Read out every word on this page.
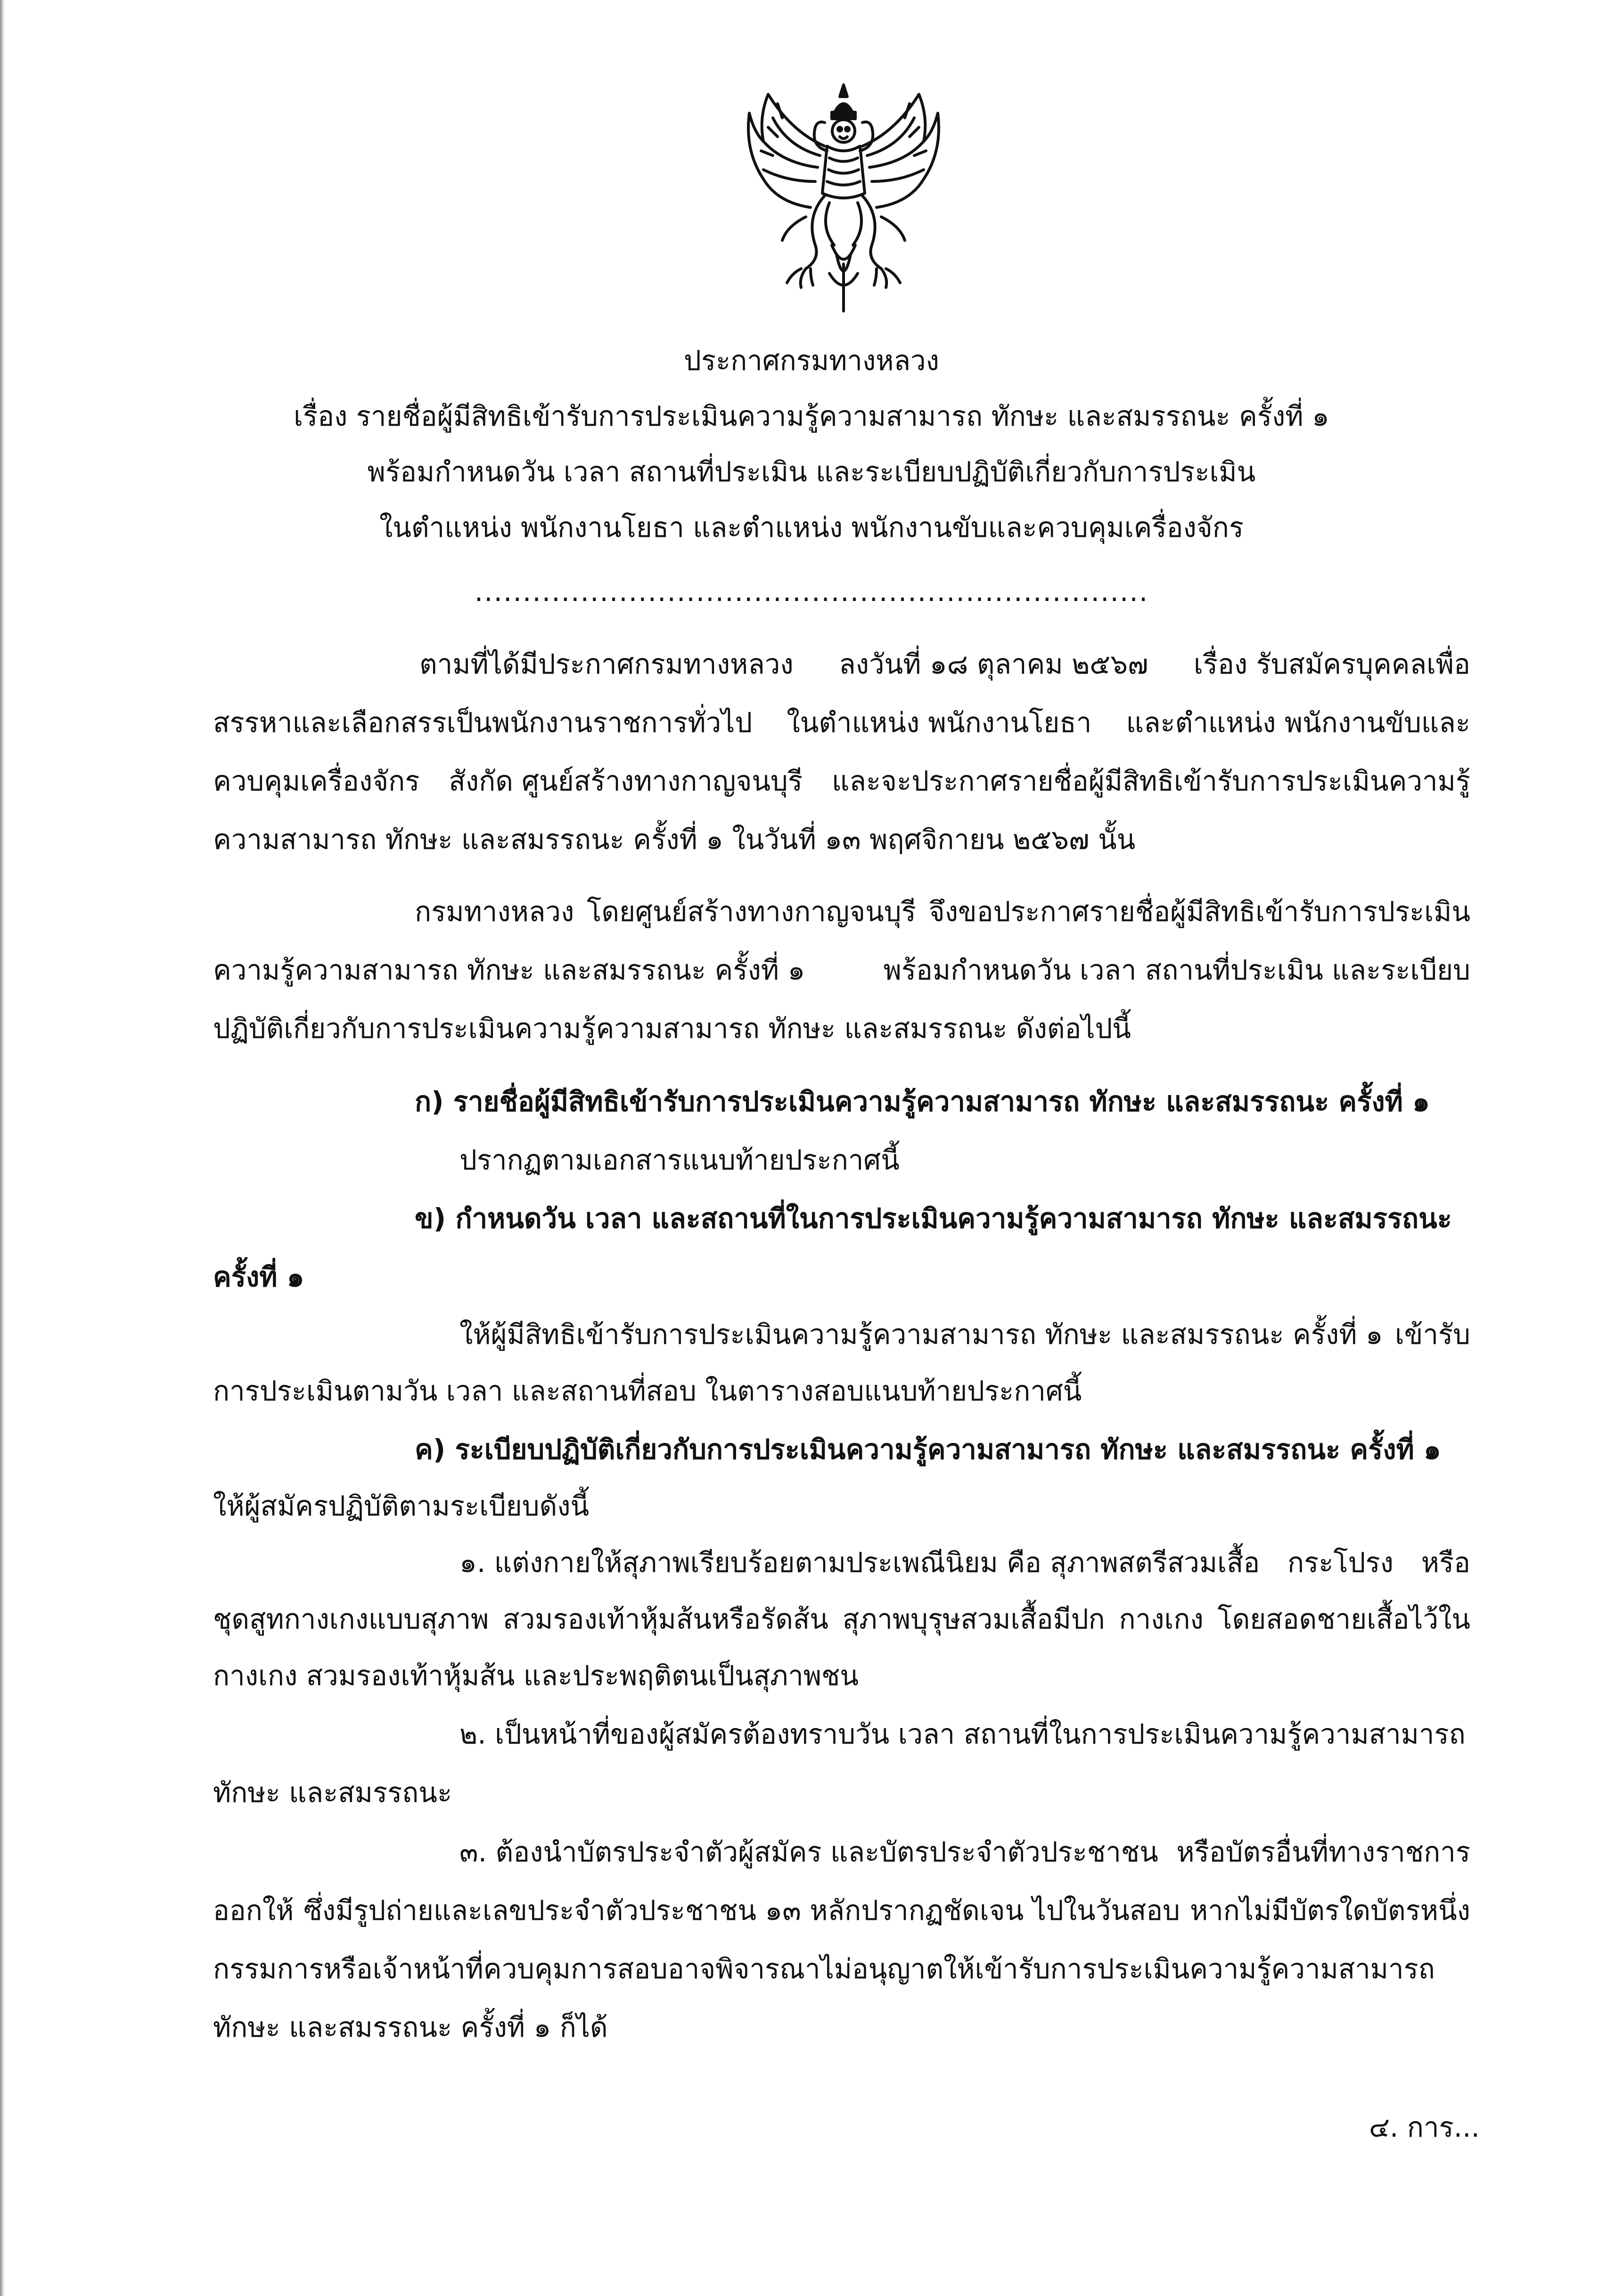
ประกาศกรมทางหลวง
เรื่อง รายชื่อผู้มีสิทธิเข้ารับการประเมินความรู้ความสามารถ ทักษะ และสมรรถนะ ครั้งที่ ๑
พร้อมกำหนดวัน เวลา สถานที่ประเมิน และระเบียบปฏิบัติเกี่ยวกับการประเมิน
ในตำแหน่ง พนักงานโยธา และตำแหน่ง พนักงานขับและควบคุมเครื่องจักร
......................................................................
ตามที่ได้มีประกาศกรมทางหลวง ลงวันที่ ๑๘ ตุลาคม ๒๕๖๗ เรื่อง รับสมัครบุคคลเพื่อ
สรรหาและเลือกสรรเป็นพนักงานราชการทั่วไป ในตำแหน่ง พนักงานโยธา และตำแหน่ง พนักงานขับและ
ควบคุมเครื่องจักร สังกัด ศูนย์สร้างทางกาญจนบุรี และจะประกาศรายชื่อผู้มีสิทธิเข้ารับการประเมินความรู้
ความสามารถ ทักษะ และสมรรถนะ ครั้งที่ ๑ ในวันที่ ๑๓ พฤศจิกายน ๒๕๖๗ นั้น
กรมทางหลวง โดยศูนย์สร้างทางกาญจนบุรี จึงขอประกาศรายชื่อผู้มีสิทธิเข้ารับการประเมิน
ความรู้ความสามารถ ทักษะ และสมรรถนะ ครั้งที่ ๑	พร้อมกำหนดวัน เวลา สถานที่ประเมิน และระเบียบ
ปฏิบัติเกี่ยวกับการประเมินความรู้ความสามารถ ทักษะ และสมรรถนะ ดังต่อไปนี้
ก) รายชื่อผู้มีสิทธิเข้ารับการประเมินความรู้ความสามารถ ทักษะ และสมรรถนะ ครั้งที่ ๑
ปรากฏตามเอกสารแนบท้ายประกาศนี้
ข) กำหนดวัน เวลา และสถานที่ในการประเมินความรู้ความสามารถ ทักษะ และสมรรถนะ
ครั้งที่ ๑
ให้ผู้มีสิทธิเข้ารับการประเมินความรู้ความสามารถ ทักษะ และสมรรถนะ ครั้งที่ ๑ เข้ารับ
การประเมินตามวัน เวลา และสถานที่สอบ ในตารางสอบแนบท้ายประกาศนี้
ค) ระเบียบปฏิบัติเกี่ยวกับการประเมินความรู้ความสามารถ ทักษะ และสมรรถนะ ครั้งที่ ๑
ให้ผู้สมัครปฏิบัติตามระเบียบดังนี้
๑. แต่งกายให้สุภาพเรียบร้อยตามประเพณีนิยม คือ สุภาพสตรีสวมเสื้อ กระโปรง หรือ
ชุดสูทกางเกงแบบสุภาพ สวมรองเท้าหุ้มส้นหรือรัดส้น สุภาพบุรุษสวมเสื้อมีปก กางเกง โดยสอดชายเสื้อไว้ใน
กางเกง สวมรองเท้าหุ้มส้น และประพฤติตนเป็นสุภาพชน
๒. เป็นหน้าที่ของผู้สมัครต้องทราบวัน เวลา สถานที่ในการประเมินความรู้ความสามารถ
ทักษะ และสมรรถนะ
๓. ต้องนำบัตรประจำตัวผู้สมัคร และบัตรประจำตัวประชาชน หรือบัตรอื่นที่ทางราชการ
ออกให้ ซึ่งมีรูปถ่ายและเลขประจำตัวประชาชน ๑๓ หลักปรากฏชัดเจน ไปในวันสอบ หากไม่มีบัตรใดบัตรหนึ่ง
กรรมการหรือเจ้าหน้าที่ควบคุมการสอบอาจพิจารณาไม่อนุญาตให้เข้ารับการประเมินความรู้ความสามารถ
ทักษะ และสมรรถนะ ครั้งที่ ๑ ก็ได้
๔. การ...
